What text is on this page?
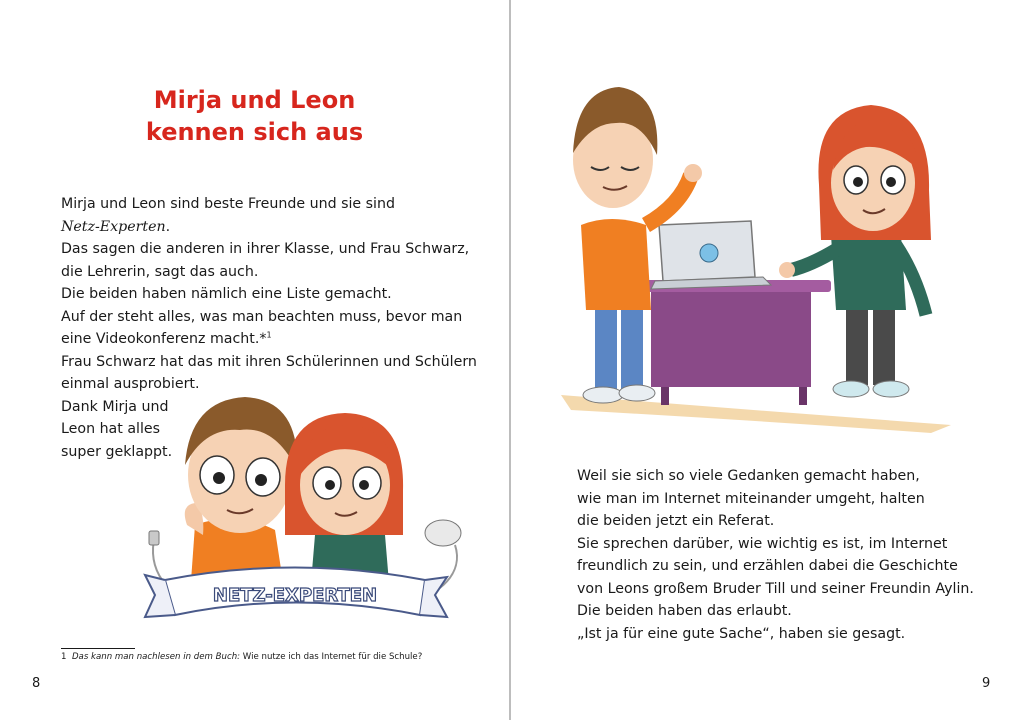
Mirja und Leon
kennen sich aus
Mirja und Leon sind beste Freunde und sie sind
Netz-Experten.
Das sagen die anderen in ihrer Klasse, und Frau Schwarz,
die Lehrerin, sagt das auch.
Die beiden haben nämlich eine Liste gemacht.
Auf der steht alles, was man beachten muss, bevor man
eine Videokonferenz macht.*$^1$
Frau Schwarz hat das mit ihren Schülerinnen und Schülern
einmal ausprobiert.
Dank Mirja und
Leon hat alles
super geklappt.
NETZ-EXPERTEN
1 Das kann man nachlesen in dem Buch: Wie nutze ich das Internet für die Schule?
8
Weil sie sich so viele Gedanken gemacht haben,
wie man im Internet miteinander umgeht, halten
die beiden jetzt ein Referat.
Sie sprechen darüber, wie wichtig es ist, im Internet
freundlich zu sein, und erzählen dabei die Geschichte
von Leons großem Bruder Till und seiner Freundin Aylin.
Die beiden haben das erlaubt.
„Ist ja für eine gute Sache“, haben sie gesagt.
9
